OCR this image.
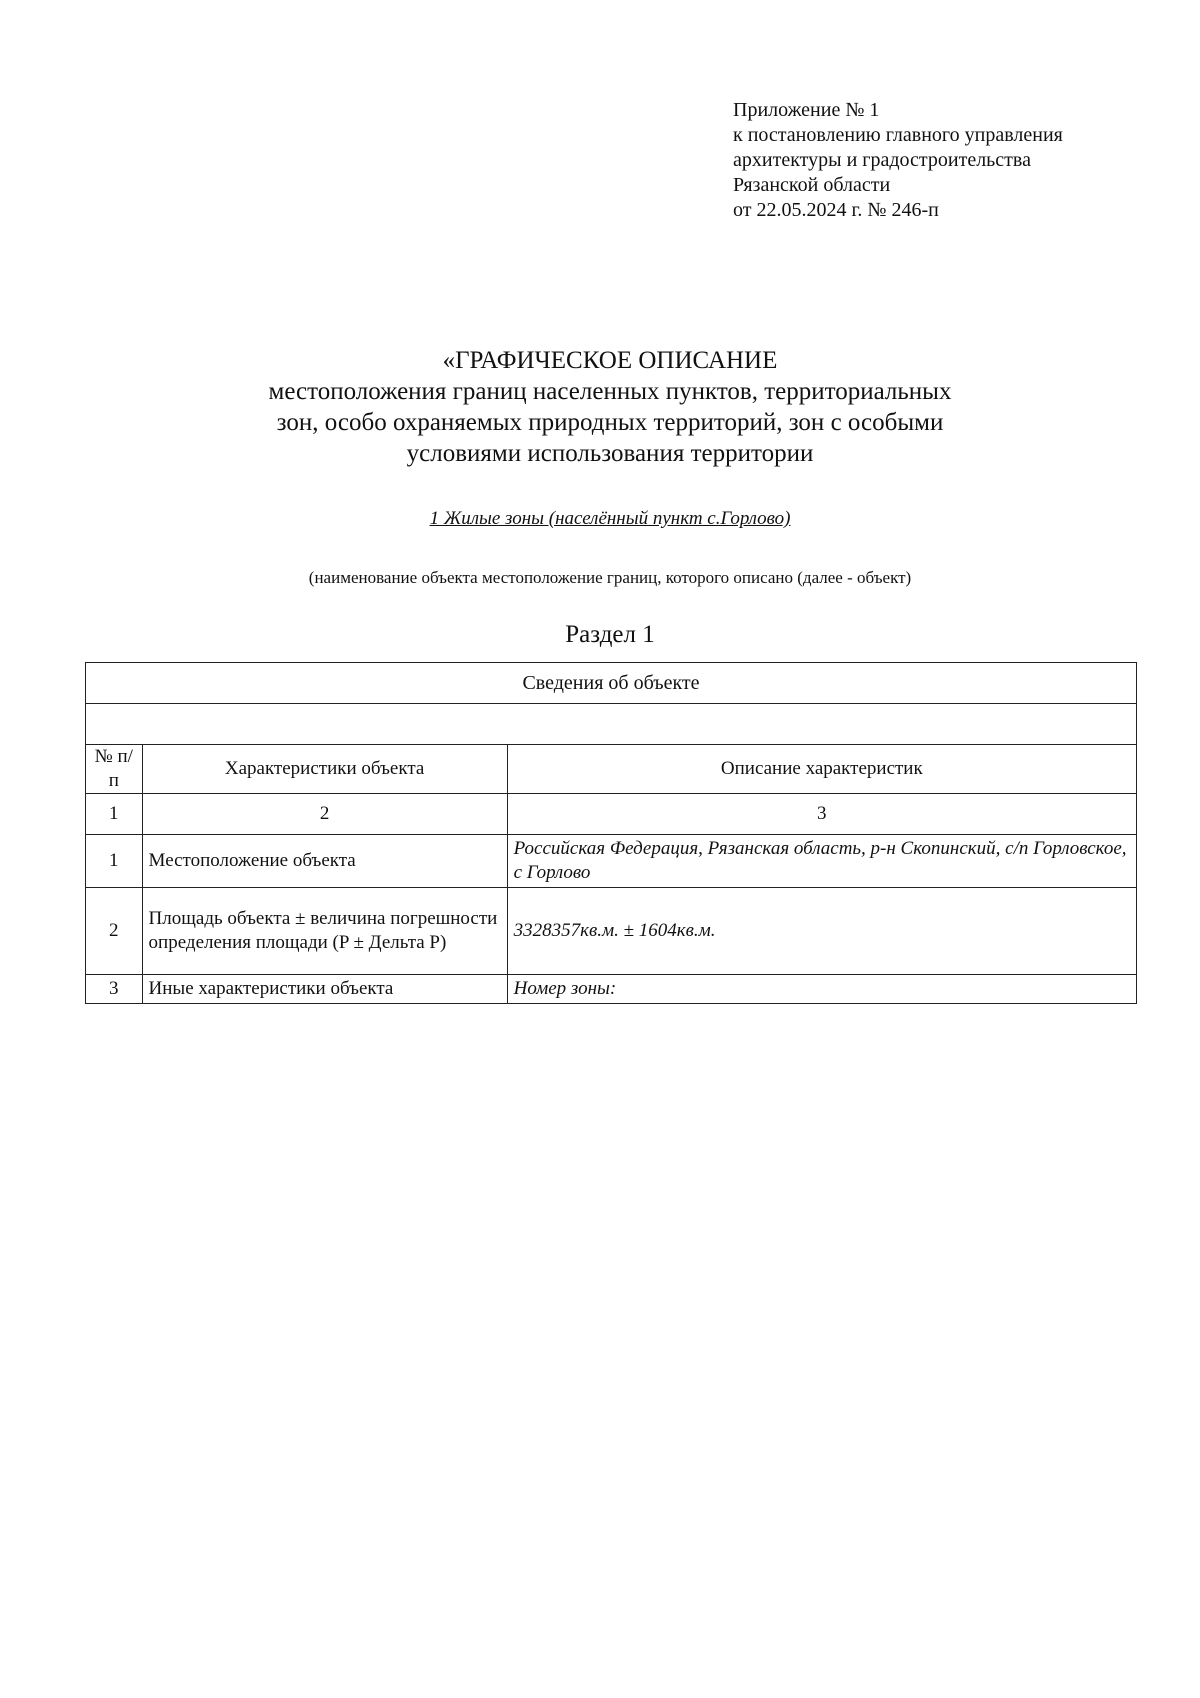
Приложение № 1
к постановлению главного управления
архитектуры и градостроительства
Рязанской области
от 22.05.2024 г. № 246-п
«ГРАФИЧЕСКОЕ ОПИСАНИЕ
местоположения границ населенных пунктов, территориальных
зон, особо охраняемых природных территорий, зон с особыми
условиями использования территории
1 Жилые зоны (населённый пункт с.Горлово)
(наименование объекта местоположение границ, которого описано (далее - объект)
Раздел 1
Сведения об объекте		

№ п/п	Характеристики объекта	Описание характеристик
1	2	3
1	Местоположение объекта	Российская Федерация, Рязанская область, р-н Скопинский, с/п Горловское, с Горлово
2	Площадь объекта ± величина погрешности определения площади (P ± Дельта P)	3328357кв.м. ± 1604кв.м.
3	Иные характеристики объекта	Номер зоны:
